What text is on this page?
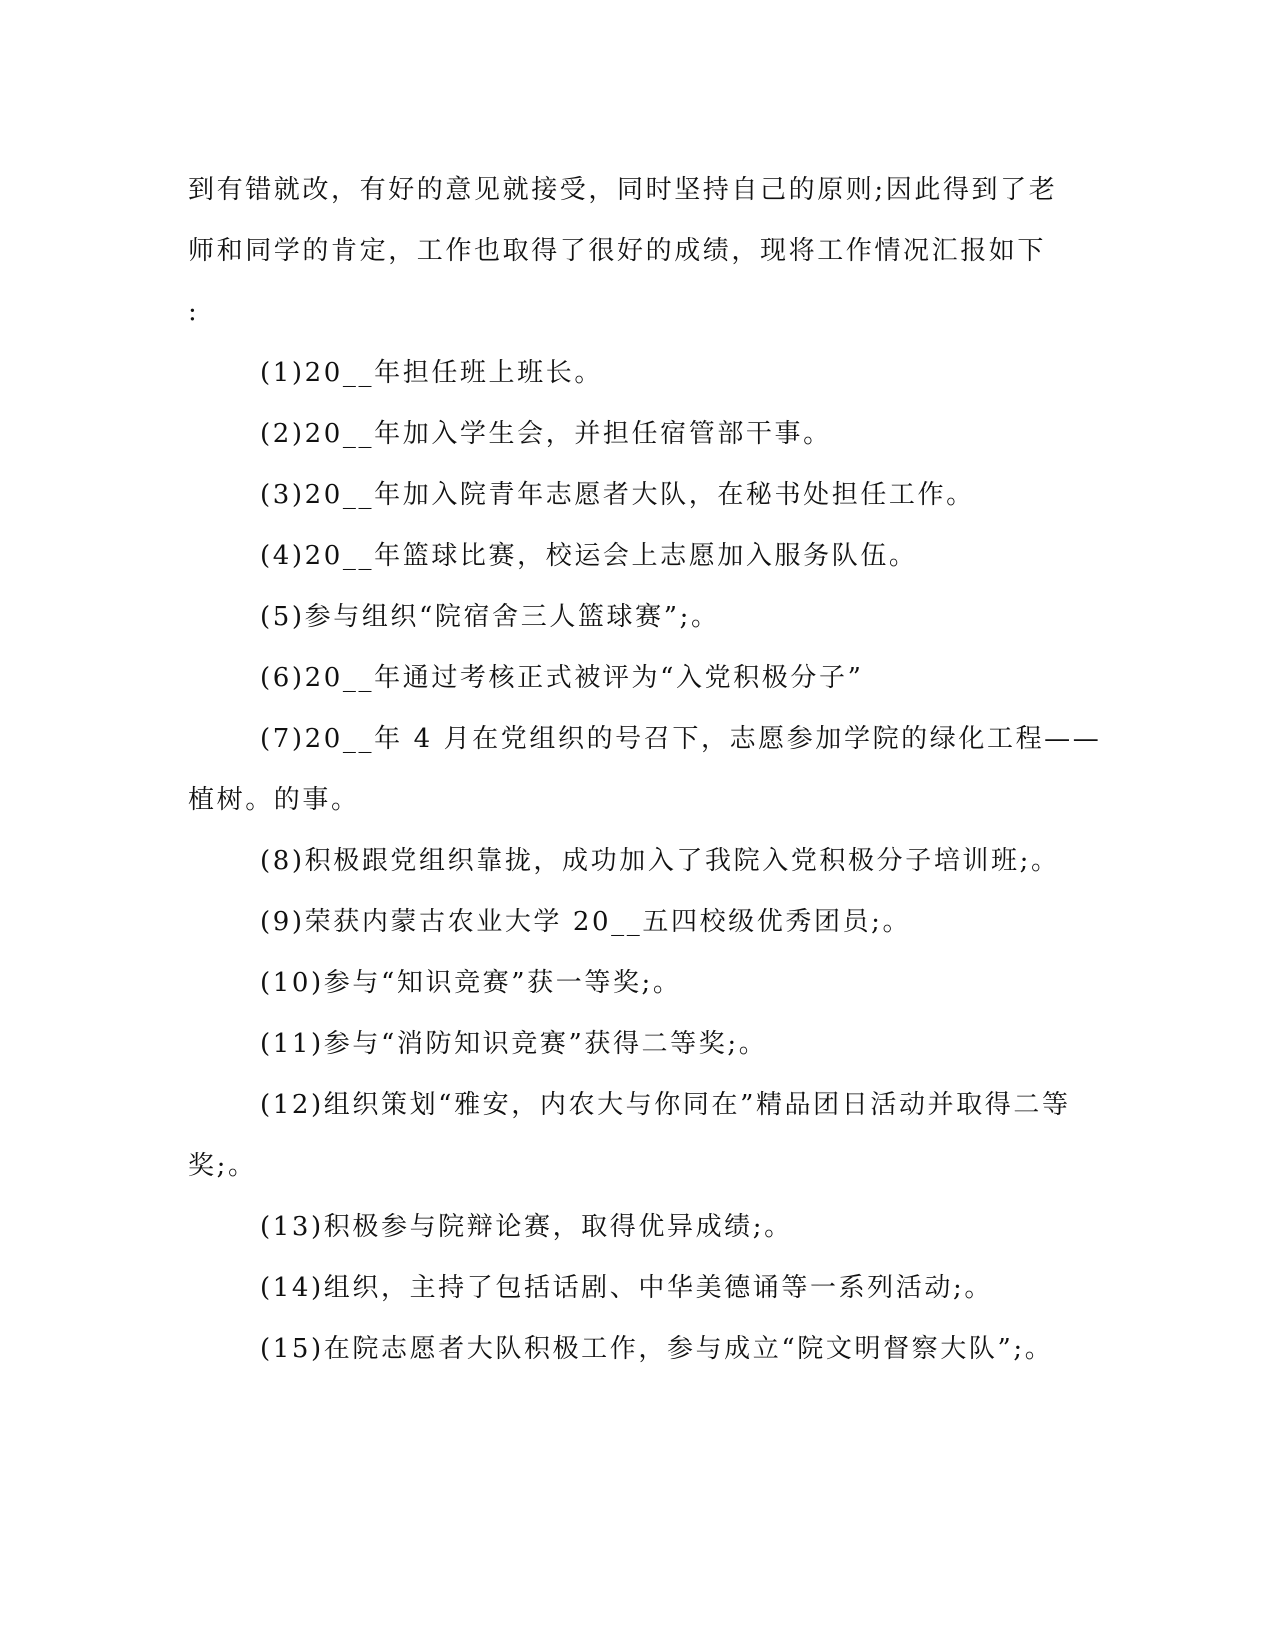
到有错就改，有好的意见就接受，同时坚持自己的原则;因此得到了老
师和同学的肯定，工作也取得了很好的成绩，现将工作情况汇报如下
:
(1)20__年担任班上班长。
(2)20__年加入学生会，并担任宿管部干事。
(3)20__年加入院青年志愿者大队，在秘书处担任工作。
(4)20__年篮球比赛，校运会上志愿加入服务队伍。
(5)参与组织“院宿舍三人篮球赛”;。
(6)20__年通过考核正式被评为“入党积极分子”
(7)20__年 4 月在党组织的号召下，志愿参加学院的绿化工程——
植树。的事。
(8)积极跟党组织靠拢，成功加入了我院入党积极分子培训班;。
(9)荣获内蒙古农业大学 20__五四校级优秀团员;。
(10)参与“知识竞赛”获一等奖;。
(11)参与“消防知识竞赛”获得二等奖;。
(12)组织策划“雅安，内农大与你同在”精品团日活动并取得二等
奖;。
(13)积极参与院辩论赛，取得优异成绩;。
(14)组织，主持了包括话剧、中华美德诵等一系列活动;。
(15)在院志愿者大队积极工作，参与成立“院文明督察大队”;。
